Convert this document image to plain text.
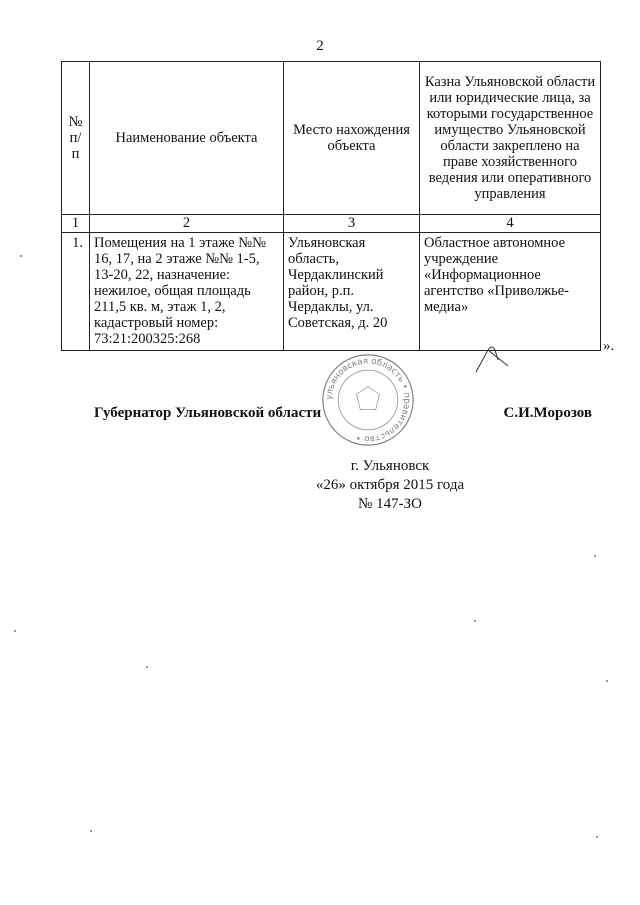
2
№ п/п	Наименование объекта	Место нахождения объекта	Казна Ульяновской области или юридические лица, за которыми государственное имущество Ульяновской области закреплено на праве хозяйственного ведения или оперативного управления
1	2	3	4
1.	Помещения на 1 этаже №№ 16, 17, на 2 этаже №№ 1-5, 13-20, 22, назначение: нежилое, общая площадь 211,5 кв. м, этаж 1, 2, кадастровый номер: 73:21:200325:268	Ульяновская область, Чердаклинский район, р.п. Чердаклы, ул. Советская, д. 20	Областное автономное учреждение «Информационное агентство «Приволжье-медиа»
».
ульяновская область • правительство •
Губернатор Ульяновской области	С.И.Морозов
г. Ульяновск
«26» октября 2015 года
№ 147-ЗО
